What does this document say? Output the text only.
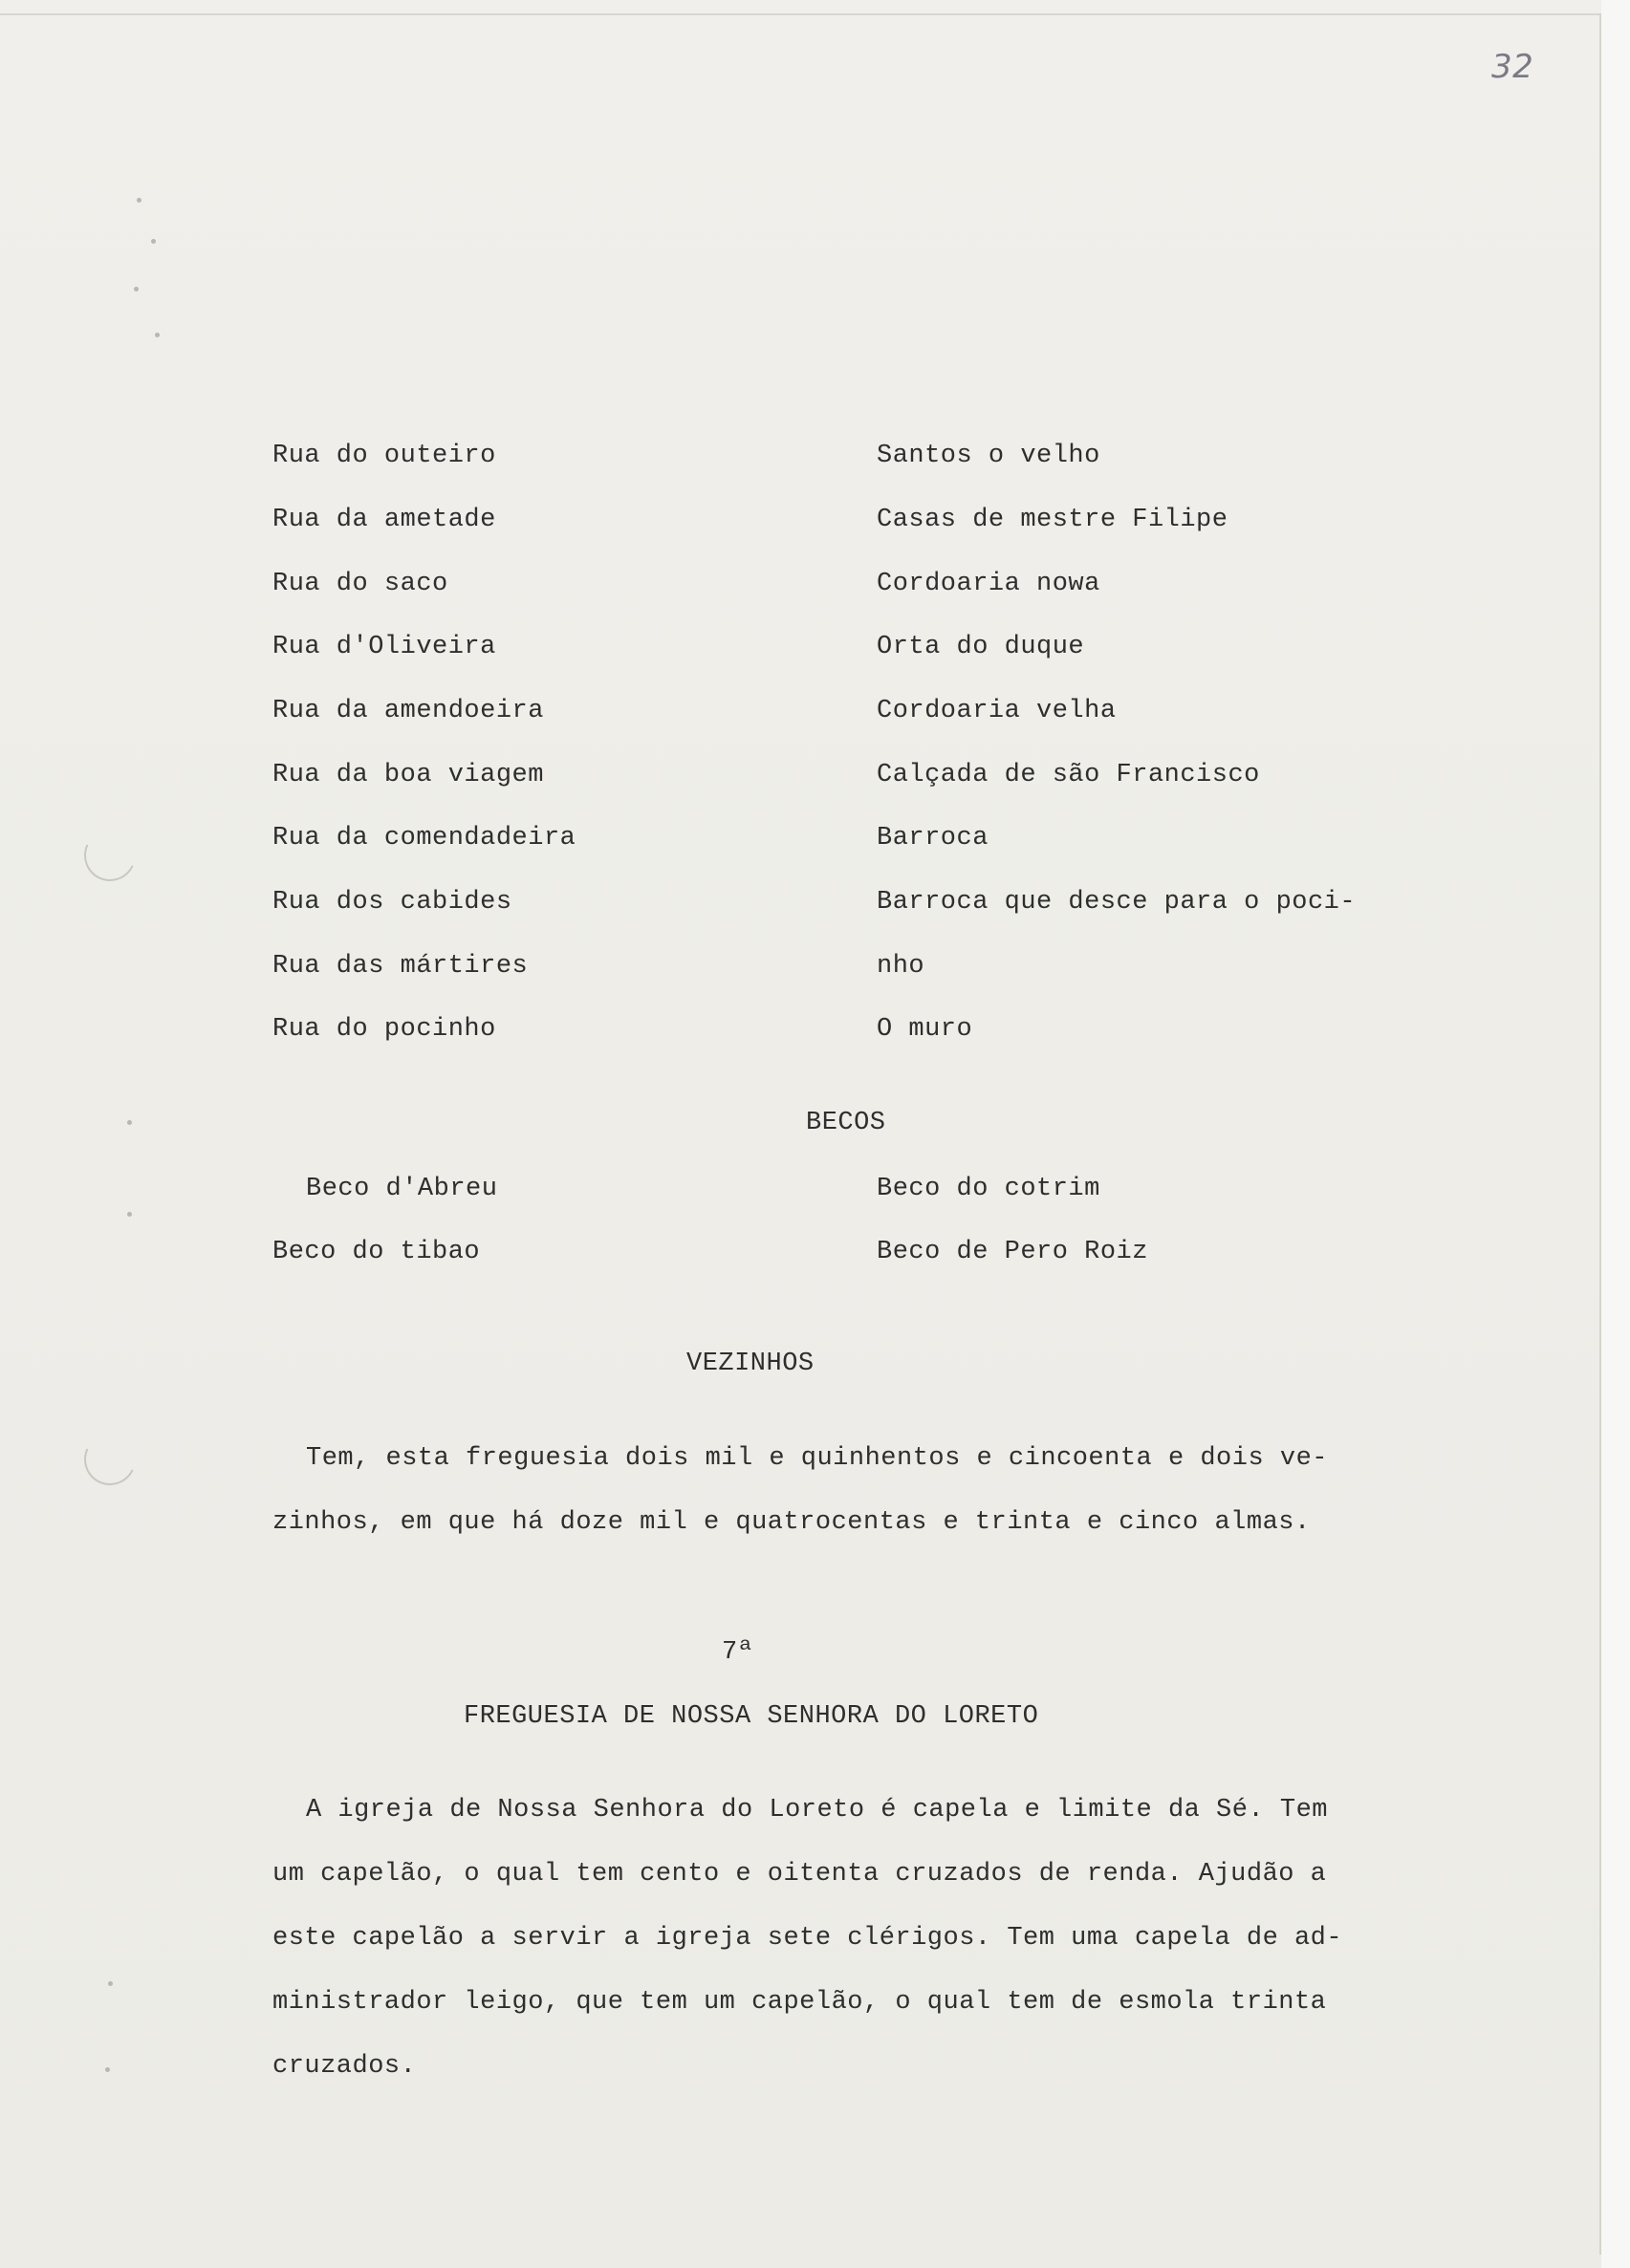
32
Rua do outeiro
Rua da ametade
Rua do saco
Rua d'Oliveira
Rua da amendoeira
Rua da boa viagem
Rua da comendadeira
Rua dos cabides
Rua das mártires
Rua do pocinho
Santos o velho
Casas de mestre Filipe
Cordoaria nowa
Orta do duque
Cordoaria velha
Calçada de são Francisco
Barroca
Barroca que desce para o poci-
nho
O muro
BECOS
Beco d'Abreu
Beco do tibao
Beco do cotrim
Beco de Pero Roiz
VEZINHOS
Tem, esta freguesia dois mil e quinhentos e cincoenta e dois ve-
zinhos, em que há doze mil e quatrocentas e trinta e cinco almas.
7ª
FREGUESIA DE NOSSA SENHORA DO LORETO
A igreja de Nossa Senhora do Loreto é capela e limite da Sé. Tem
um capelão, o qual tem cento e oitenta cruzados de renda. Ajudão a
este capelão a servir a igreja sete clérigos. Tem uma capela de ad-
ministrador leigo, que tem um capelão, o qual tem de esmola trinta
cruzados.
